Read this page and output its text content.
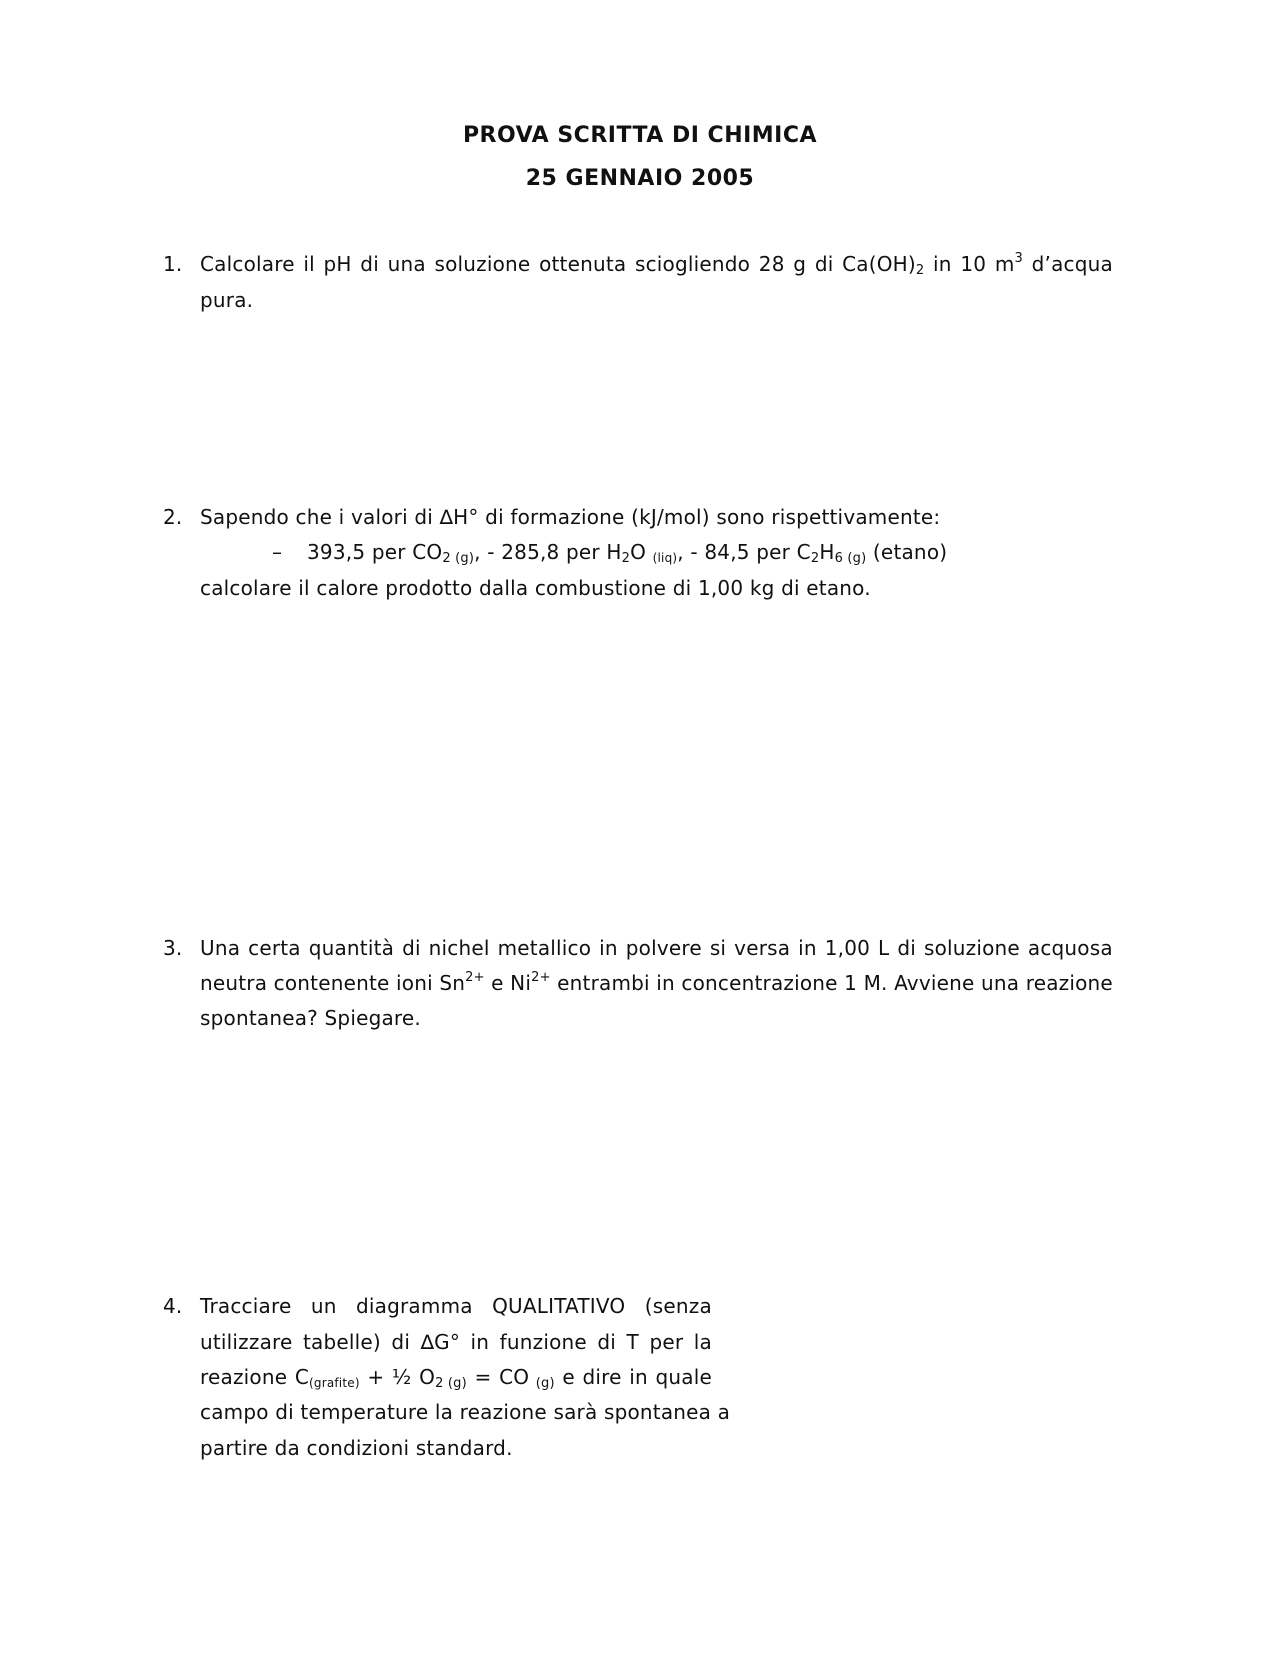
PROVA SCRITTA DI CHIMICA
25 GENNAIO 2005
1. Calcolare il pH di una soluzione ottenuta sciogliendo 28 g di $Ca(OH)_2$ in 10 $m^3$ d’acqua
pura.
2. Sapendo che i valori di ∆H° di formazione (kJ/mol) sono rispettivamente:
– 393,5 per $CO_{2 (g)}$, - 285,8 per $H_2O$ $_{(liq)}$, - 84,5 per $C_2H_{6 (g)}$ (etano)
calcolare il calore prodotto dalla combustione di 1,00 kg di etano.
3. Una certa quantità di nichel metallico in polvere si versa in 1,00 L di soluzione acquosa
neutra contenente ioni $Sn^{2+}$ e $Ni^{2+}$ entrambi in concentrazione 1 M. Avviene una reazione
spontanea? Spiegare.
4. Tracciare un diagramma QUALITATIVO (senza
utilizzare tabelle) di ∆G° in funzione di T per la
reazione $C_{(grafite)}$ + ½ $O_{2 (g)}$ = CO $_{(g)}$ e dire in quale
campo di temperature la reazione sarà spontanea a
partire da condizioni standard.
